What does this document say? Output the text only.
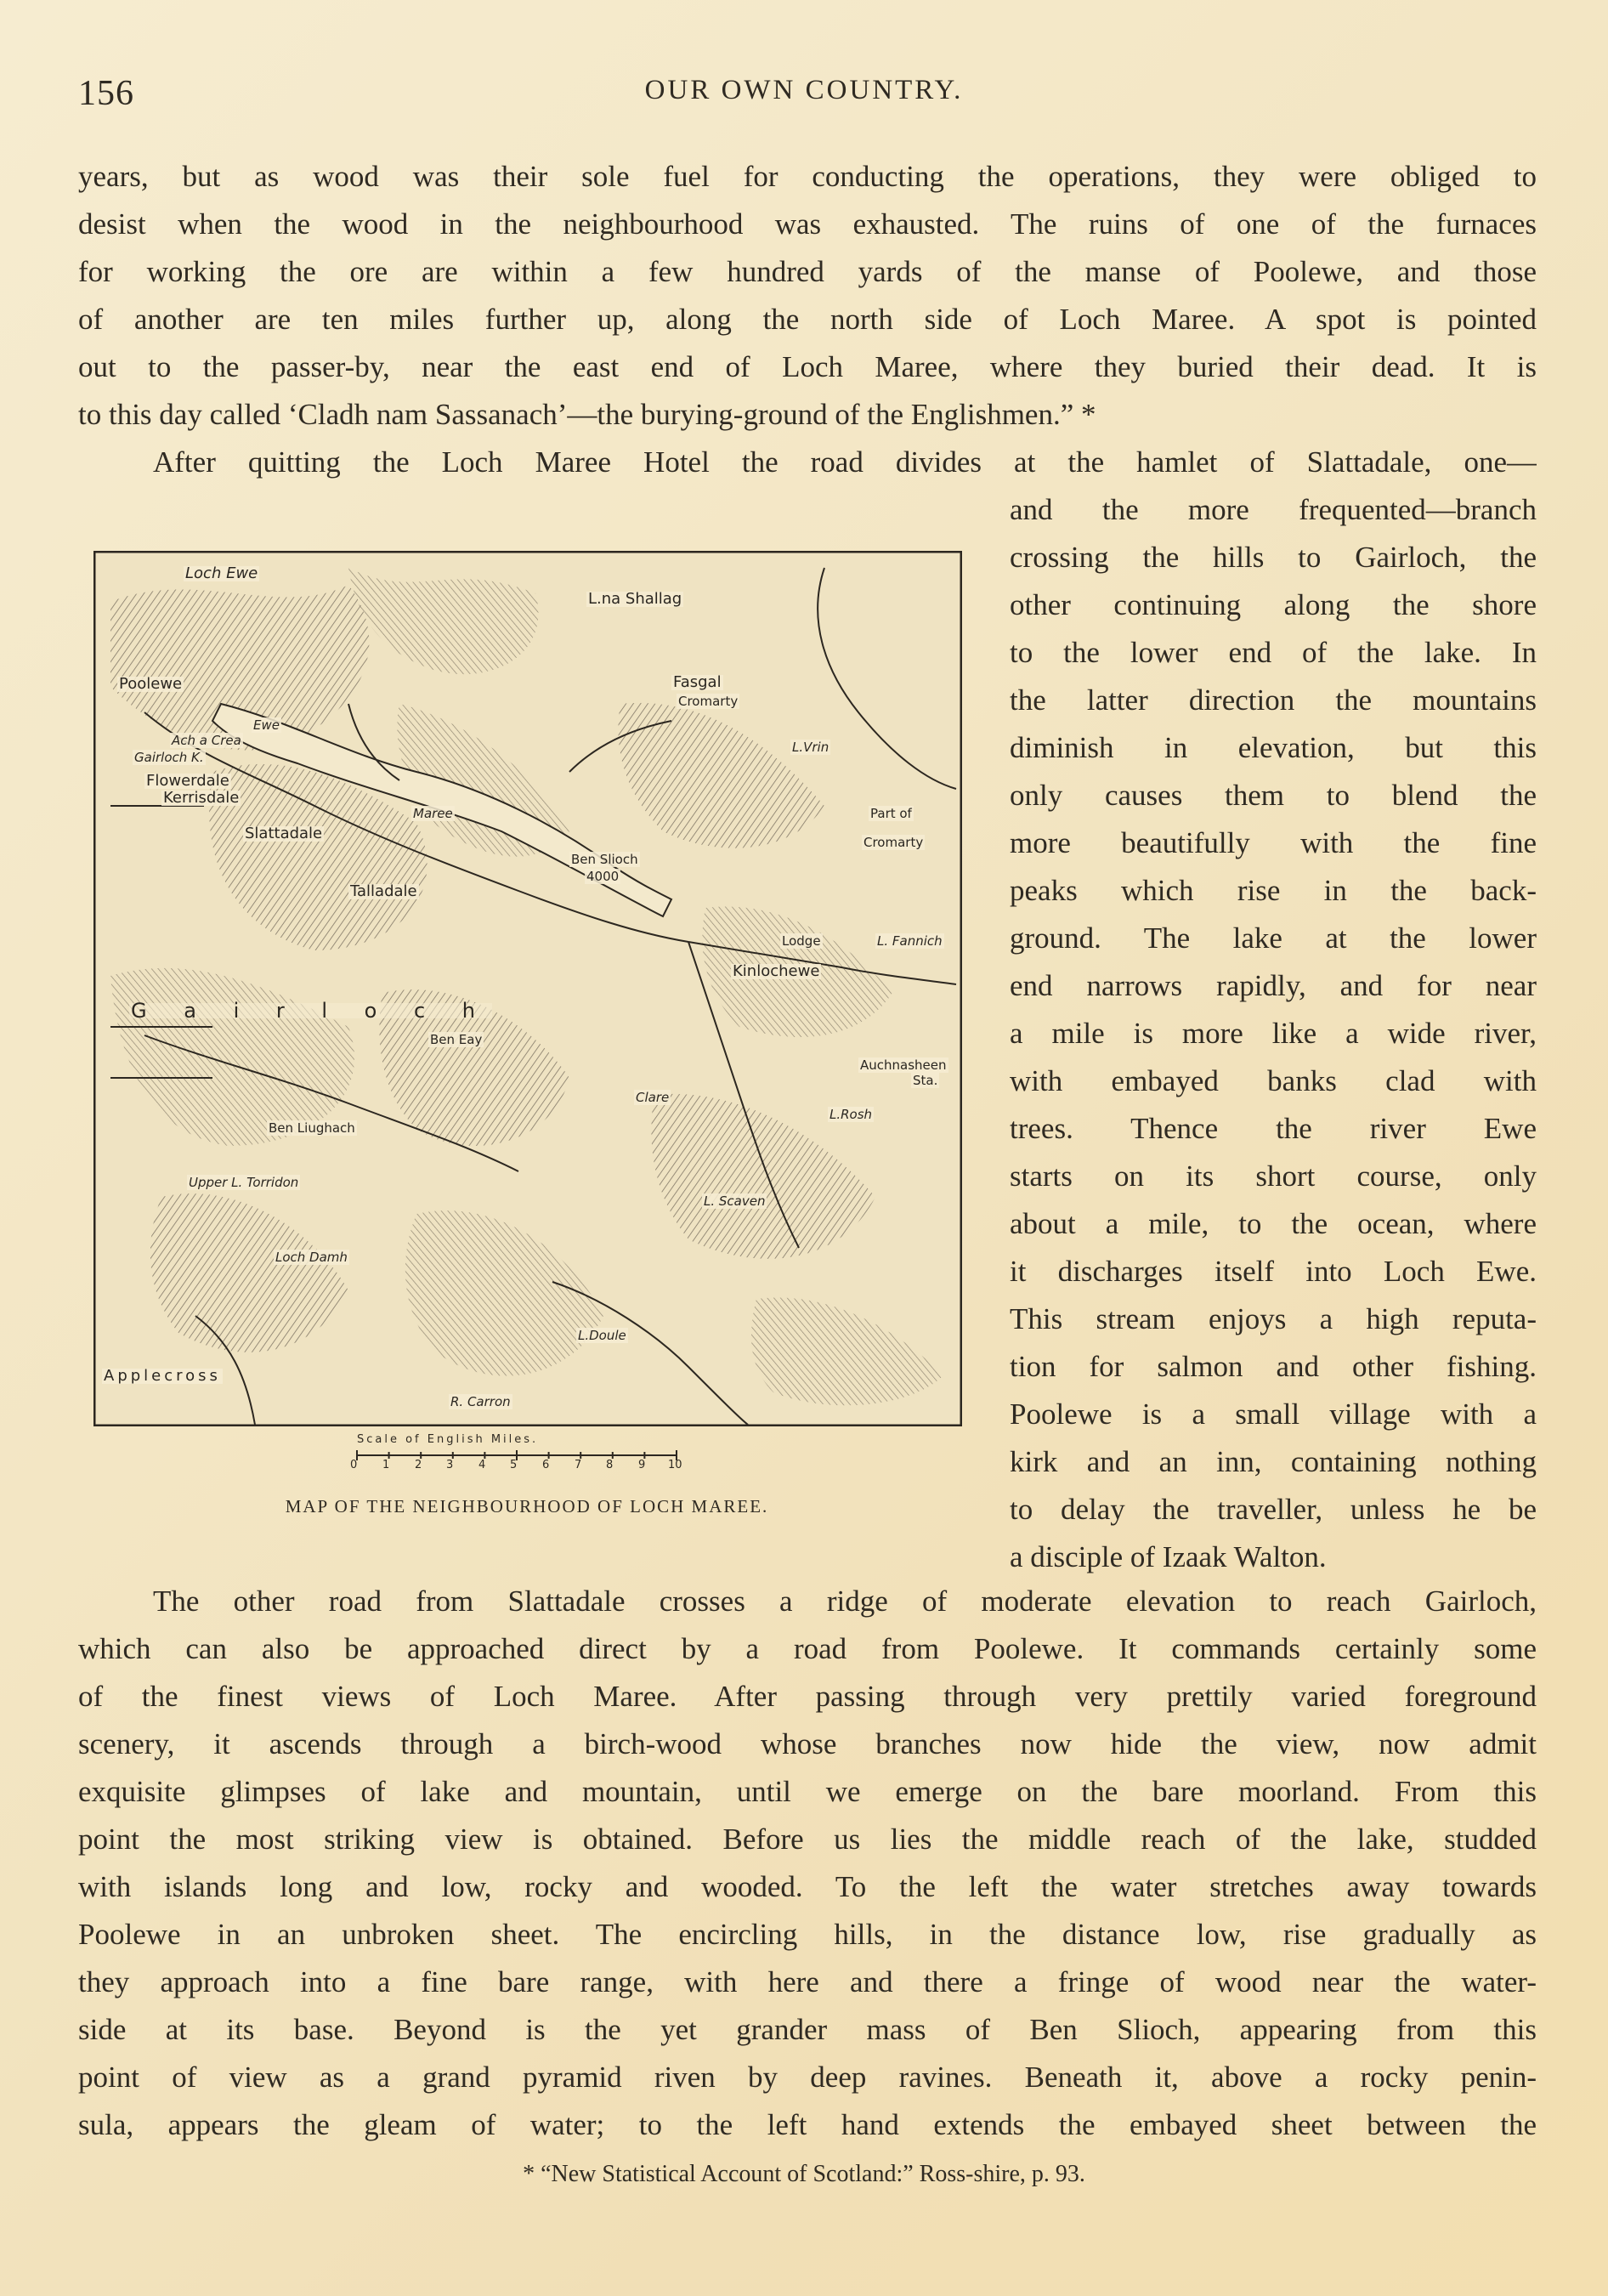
156	OUR OWN COUNTRY.
years, but as wood was their sole fuel for conducting the operations, they were obliged to
desist when the wood in the neighbourhood was exhausted. The ruins of one of the furnaces
for working the ore are within a few hundred yards of the manse of Poolewe, and those
of another are ten miles further up, along the north side of Loch Maree. A spot is pointed
out to the passer-by, near the east end of Loch Maree, where they buried their dead. It is
to this day called ‘Cladh nam Sassanach’—the burying-ground of the Englishmen.” *
After quitting the Loch Maree Hotel the road divides at the hamlet of Slattadale, one—
and the more frequented—branch
crossing the hills to Gairloch, the
other continuing along the shore
to the lower end of the lake. In
the latter direction the mountains
diminish in elevation, but this
only causes them to blend the
more beautifully with the fine
peaks which rise in the back-
ground. The lake at the lower
end narrows rapidly, and for near
a mile is more like a wide river,
with embayed banks clad with
trees. Thence the river Ewe
starts on its short course, only
about a mile, to the ocean, where
it discharges itself into Loch Ewe.
This stream enjoys a high reputa-
tion for salmon and other fishing.
Poolewe is a small village with a
kirk and an inn, containing nothing
to delay the traveller, unless he be
a disciple of Izaak Walton.
Loch Ewe
L.na Shallag
Poolewe	Fasgal
Cromarty
Ach a Crea
Gairloch K.
L.Vrin
Flowerdale
Kerrisdale
Ewe
Slattadale
Maree	Part of
Cromarty
Ben Slioch
4000
Talladale
Lodge	L. Fannich
Kinlochewe
G a i r l o c h
Ben Eay
Auchnasheen
Sta.
Clare
L.Rosh
Ben Liughach
Upper L. Torridon
L. Scaven
Loch Damh
L.Doule
R. Carron
Applecross
Scale of English Miles.
0 1 2 3 4 5 6 7 8 9 10
MAP OF THE NEIGHBOURHOOD OF LOCH MAREE.
The other road from Slattadale crosses a ridge of moderate elevation to reach Gairloch,
which can also be approached direct by a road from Poolewe. It commands certainly some
of the finest views of Loch Maree. After passing through very prettily varied foreground
scenery, it ascends through a birch-wood whose branches now hide the view, now admit
exquisite glimpses of lake and mountain, until we emerge on the bare moorland. From this
point the most striking view is obtained. Before us lies the middle reach of the lake, studded
with islands long and low, rocky and wooded. To the left the water stretches away towards
Poolewe in an unbroken sheet. The encircling hills, in the distance low, rise gradually as
they approach into a fine bare range, with here and there a fringe of wood near the water-
side at its base. Beyond is the yet grander mass of Ben Slioch, appearing from this
point of view as a grand pyramid riven by deep ravines. Beneath it, above a rocky penin-
sula, appears the gleam of water; to the left hand extends the embayed sheet between the
* “New Statistical Account of Scotland:” Ross-shire, p. 93.
